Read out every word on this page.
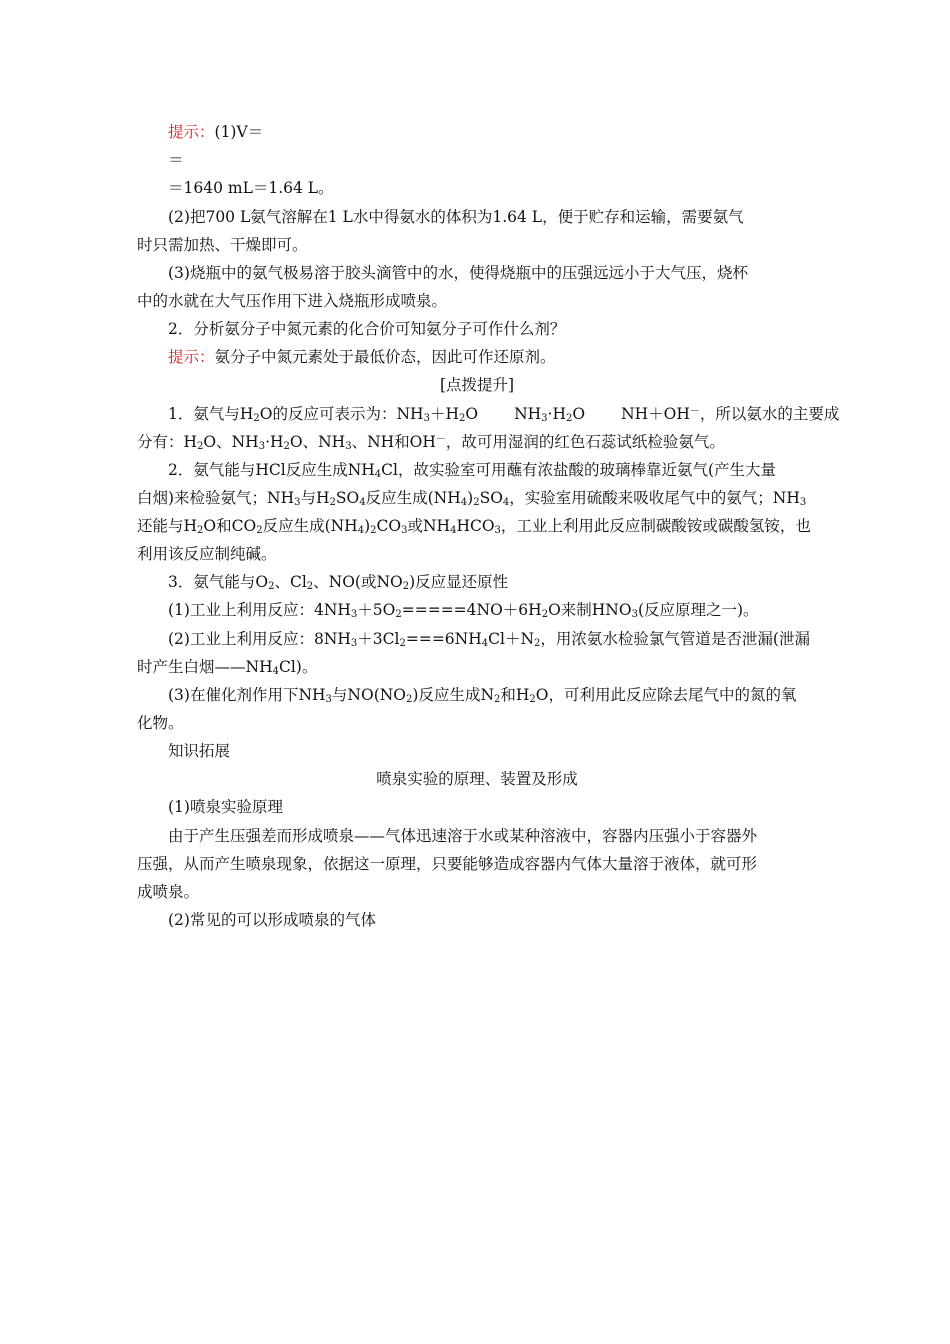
提示：(1)V＝
＝
＝1640 mL＝1.64 L。
(2)把700 L氨气溶解在1 L水中得氨水的体积为1.64 L，便于贮存和运输，需要氨气
时只需加热、干燥即可。
(3)烧瓶中的氨气极易溶于胶头滴管中的水，使得烧瓶中的压强远远小于大气压，烧杯
中的水就在大气压作用下进入烧瓶形成喷泉。
2．分析氨分子中氮元素的化合价可知氨分子可作什么剂？
提示：氨分子中氮元素处于最低价态，因此可作还原剂。
[点拨提升]
1．氨气与$H_2O$的反应可表示为：$NH_3+H_2O$ $NH_3\cdot H_2O$ NH＋OH－，所以氨水的主要成
分有：$H_2O$、$NH_3\cdot H_2O$、$NH_3$、NH和OH－，故可用湿润的红色石蕊试纸检验氨气。
2．氨气能与HCl反应生成$NH_4Cl$，故实验室可用蘸有浓盐酸的玻璃棒靠近氨气(产生大量
白烟)来检验氨气；$NH_3$与$H_2SO_4$反应生成$(NH_4)_2SO_4$，实验室用硫酸来吸收尾气中的氨气；$NH_3$
还能与$H_2O$和$CO_2$反应生成$(NH_4)_2CO_3$或$NH_4HCO_3$，工业上利用此反应制碳酸铵或碳酸氢铵，也
利用该反应制纯碱。
3．氨气能与$O_2$、$Cl_2$、NO(或$NO_2$)反应显还原性
(1)工业上利用反应：$4NH_3+5O_2=====4NO+6H_2O$来制$HNO_3$(反应原理之一)。
(2)工业上利用反应：$8NH_3+3Cl_2===6NH_4Cl+N_2$，用浓氨水检验氯气管道是否泄漏(泄漏
时产生白烟$——NH_4Cl$)。
(3)在催化剂作用下$NH_3$与$NO(NO_2)$反应生成$N_2$和$H_2O$，可利用此反应除去尾气中的氮的氧
化物。
知识拓展
喷泉实验的原理、装置及形成
(1)喷泉实验原理
由于产生压强差而形成喷泉——气体迅速溶于水或某种溶液中，容器内压强小于容器外
压强，从而产生喷泉现象，依据这一原理，只要能够造成容器内气体大量溶于液体，就可形
成喷泉。
(2)常见的可以形成喷泉的气体
